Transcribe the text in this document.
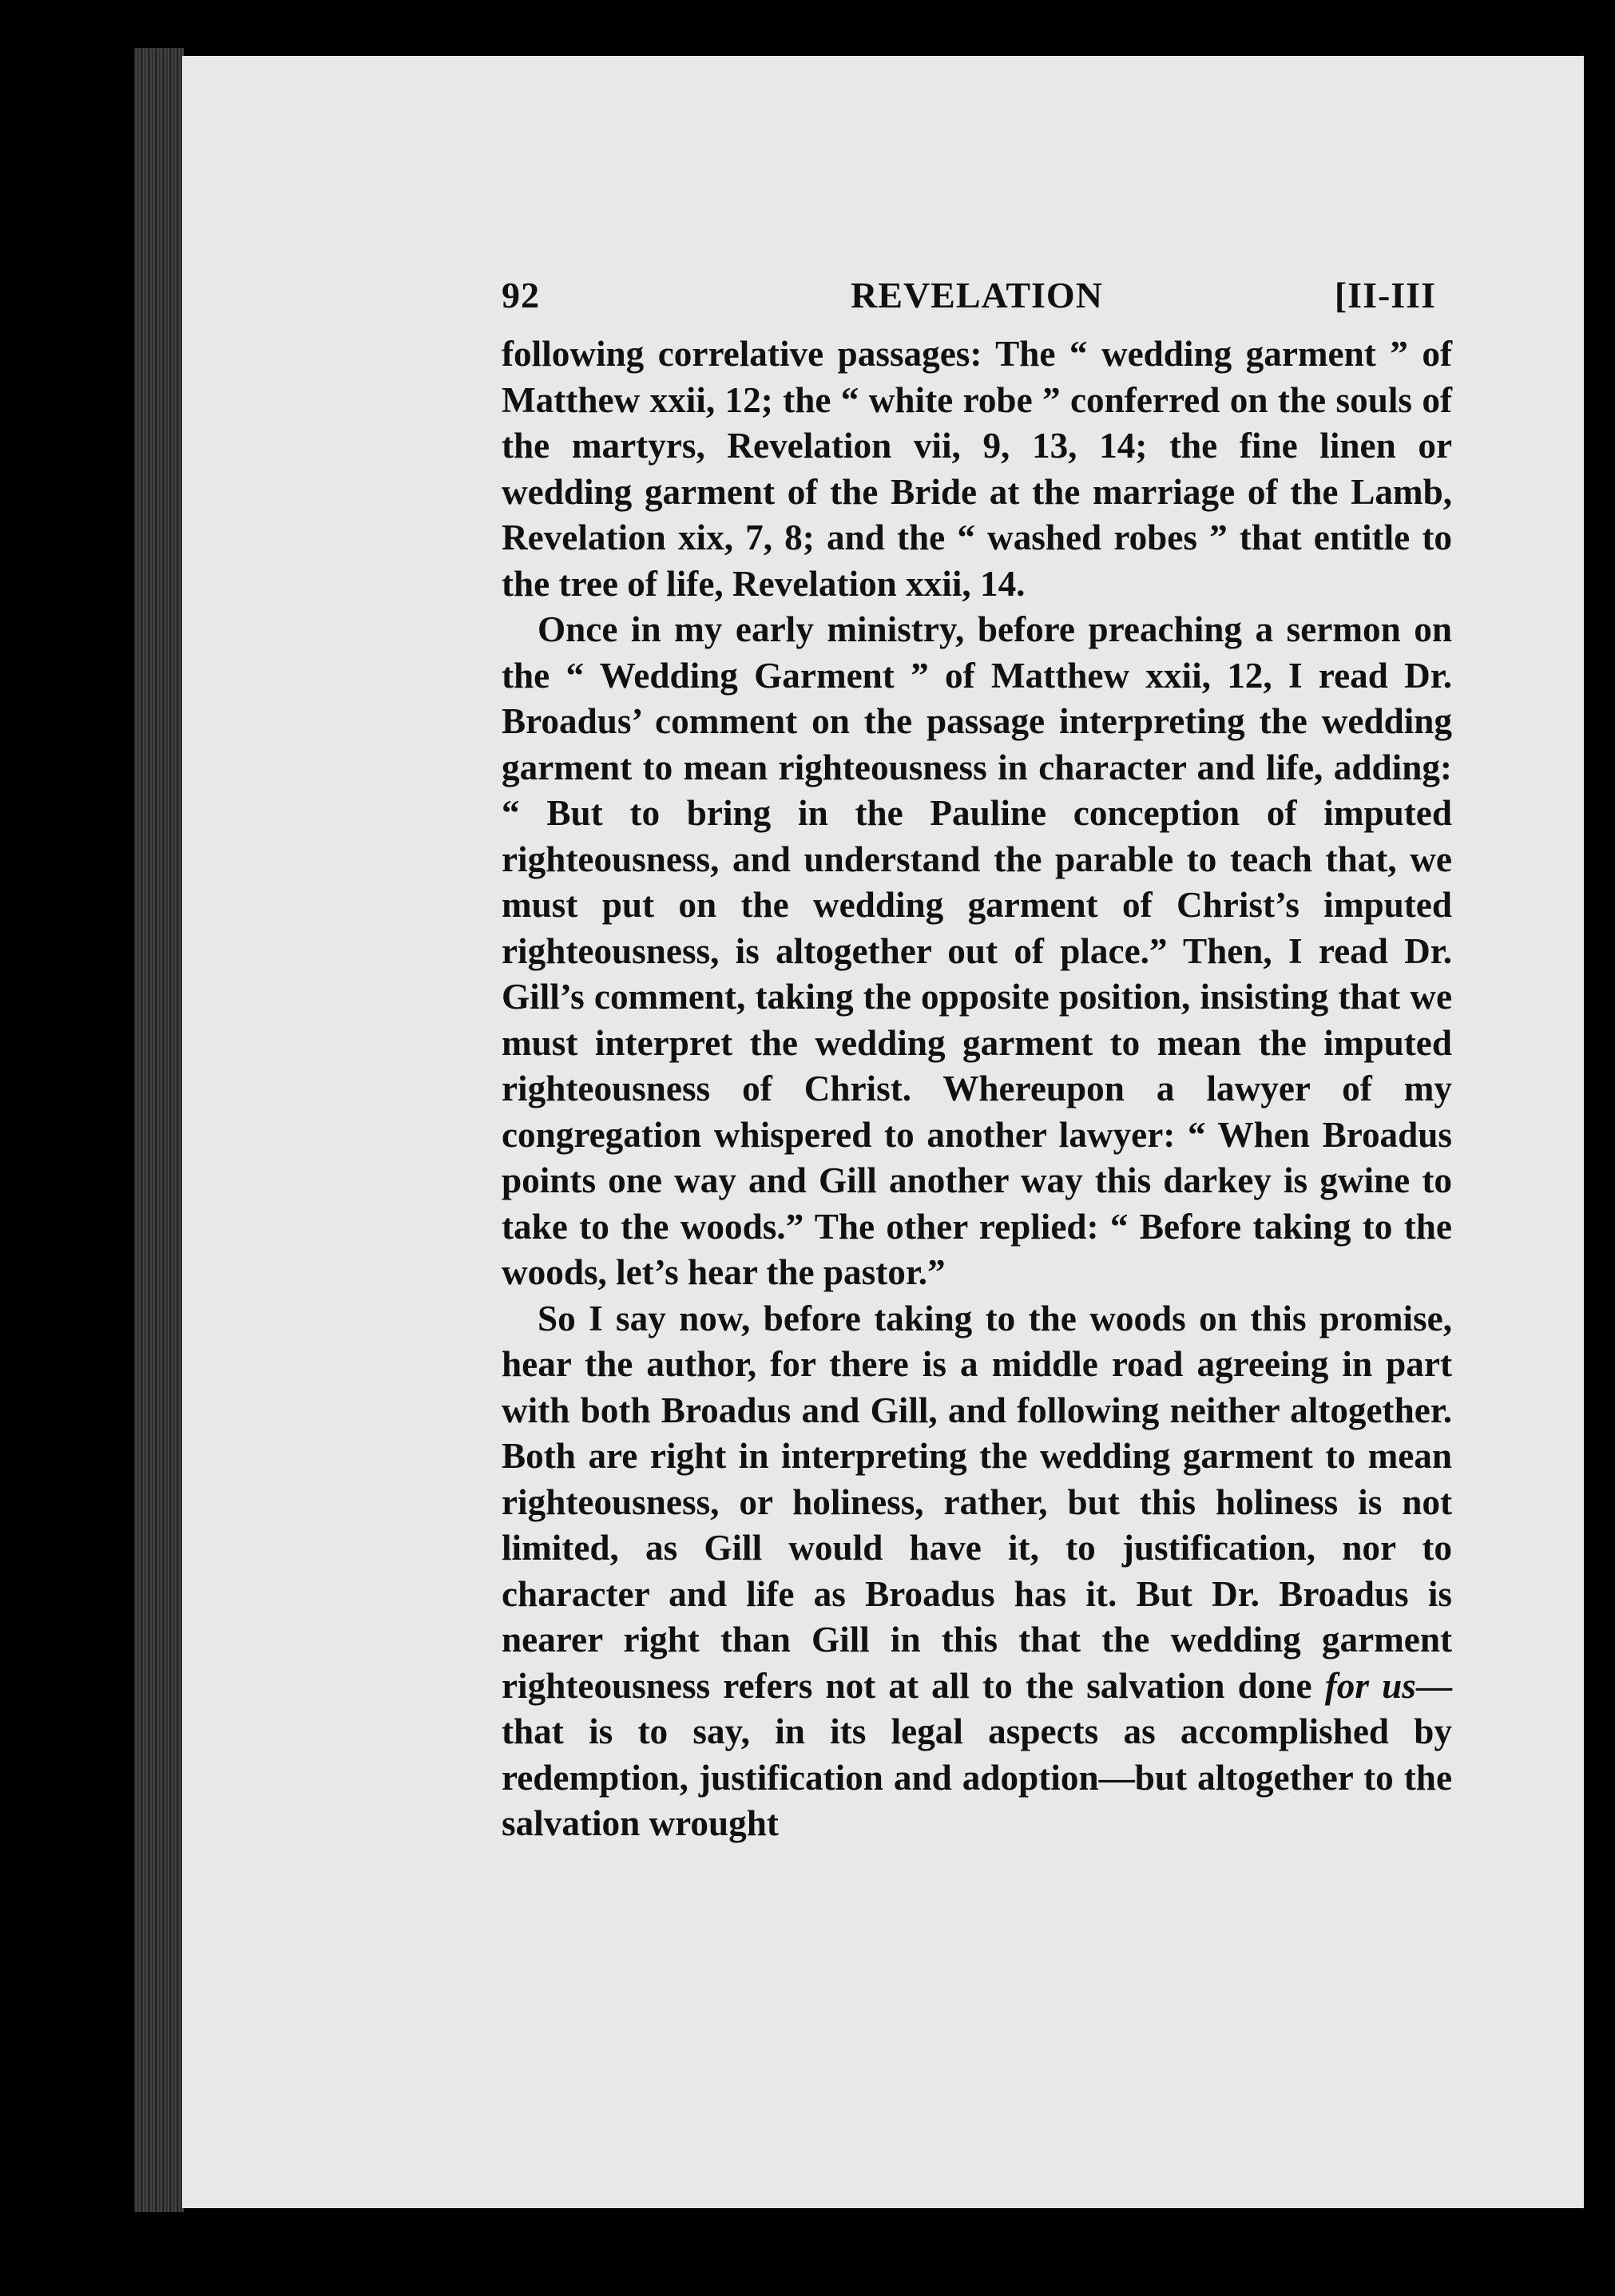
92	REVELATION	[II-III

following correlative passages: The “ wedding garment ” of Matthew xxii, 12; the “ white robe ” conferred on the souls of the martyrs, Revelation vii, 9, 13, 14; the fine linen or wedding garment of the Bride at the marriage of the Lamb, Revelation xix, 7, 8; and the “ washed robes ” that entitle to the tree of life, Revelation xxii, 14.

Once in my early ministry, before preaching a sermon on the “ Wedding Garment ” of Matthew xxii, 12, I read Dr. Broadus’ comment on the passage interpreting the wedding garment to mean righteousness in character and life, adding: “ But to bring in the Pauline conception of imputed righteousness, and understand the parable to teach that, we must put on the wedding garment of Christ’s imputed righteousness, is altogether out of place.” Then, I read Dr. Gill’s comment, taking the opposite position, insisting that we must interpret the wedding garment to mean the imputed righteousness of Christ. Whereupon a lawyer of my congregation whispered to another lawyer: “ When Broadus points one way and Gill another way this darkey is gwine to take to the woods.” The other replied: “ Before taking to the woods, let’s hear the pastor.”

So I say now, before taking to the woods on this promise, hear the author, for there is a middle road agreeing in part with both Broadus and Gill, and following neither altogether. Both are right in interpreting the wedding garment to mean righteousness, or holiness, rather, but this holiness is not limited, as Gill would have it, to justification, nor to character and life as Broadus has it. But Dr. Broadus is nearer right than Gill in this that the wedding garment righteousness refers not at all to the salvation done for us—that is to say, in its legal aspects as accomplished by redemption, justification and adoption—but altogether to the salvation wrought
